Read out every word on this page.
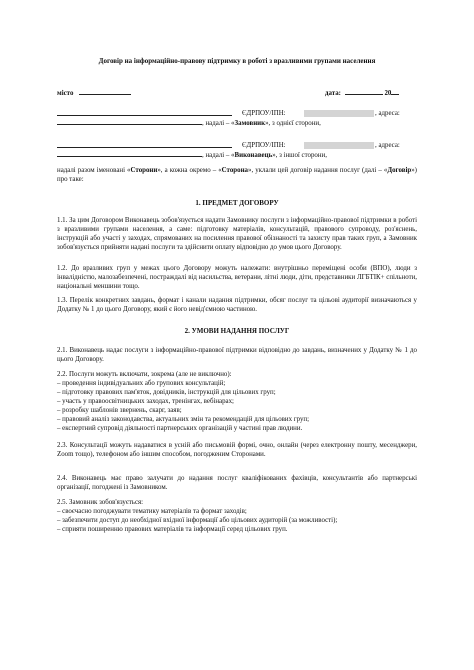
Договір на інформаційно-правову підтримку в роботі з вразливими групами населення
місто	дата:	20
ЄДРПОУ/ІПН:	, адреса:
, надалі – «Замовник», з однієї сторони,
ЄДРПОУ/ІПН:	, адреса:
, надалі – «Виконавець», з іншої сторони,
надалі разом іменовані «Сторони», а кожна окремо – «Сторона», уклали цей договір надання послуг (далі – «Договір») про таке:
1. ПРЕДМЕТ ДОГОВОРУ
1.1. За цим Договором Виконавець зобов'язується надати Замовнику послуги з інформаційно-правової підтримки в роботі з вразливими групами населення, а саме: підготовку матеріалів, консультацій, правового супроводу, роз'яснень, інструкцій або участі у заходах, спрямованих на посилення правової обізнаності та захисту прав таких груп, а Замовник зобов'язується прийняти надані послуги та здійснити оплату відповідно до умов цього Договору.
1.2. До вразливих груп у межах цього Договору можуть належати: внутрішньо переміщені особи (ВПО), люди з інвалідністю, малозабезпечені, постраждалі від насильства, ветерани, літні люди, діти, представники ЛГБТІК+ спільноти, національні меншини тощо.
1.3. Перелік конкретних завдань, формат і канали надання підтримки, обсяг послуг та цільові аудиторії визначаються у Додатку № 1 до цього Договору, який є його невід'ємною частиною.
2. УМОВИ НАДАННЯ ПОСЛУГ
2.1. Виконавець надає послуги з інформаційно-правової підтримки відповідно до завдань, визначених у Додатку № 1 до цього Договору.
2.2. Послуги можуть включати, зокрема (але не виключно):
– проведення індивідуальних або групових консультацій;
– підготовку правових пам'яток, довідників, інструкцій для цільових груп;
– участь у правоосвітницьких заходах, тренінгах, вебінарах;
– розробку шаблонів звернень, скарг, заяв;
– правовий аналіз законодавства, актуальних змін та рекомендацій для цільових груп;
– експертний супровід діяльності партнерських організацій у частині прав людини.
2.3. Консультації можуть надаватися в усній або письмовій формі, очно, онлайн (через електронну пошту, месенджери, Zoom тощо), телефоном або іншим способом, погодженим Сторонами.
2.4. Виконавець має право залучати до надання послуг кваліфікованих фахівців, консультантів або партнерські організації, погоджені із Замовником.
2.5. Замовник зобов'язується:
– своєчасно погоджувати тематику матеріалів та формат заходів;
– забезпечити доступ до необхідної вхідної інформації або цільових аудиторій (за можливості);
– сприяти поширенню правових матеріалів та інформації серед цільових груп.
